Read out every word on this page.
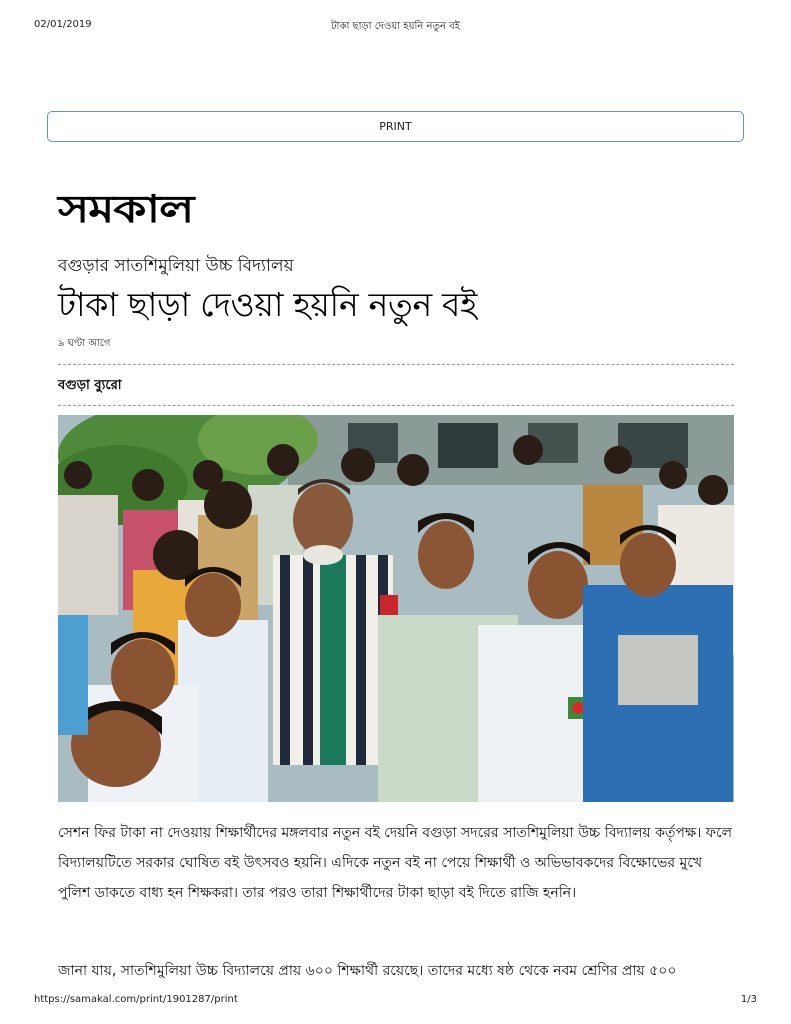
02/01/2019	টাকা ছাড়া দেওয়া হয়নি নতুন বই
PRINT
সমকাল
বগুড়ার সাতশিমুলিয়া উচ্চ বিদ্যালয়
টাকা ছাড়া দেওয়া হয়নি নতুন বই
৯ ঘণ্টা আগে
বগুড়া ব্যুরো

সেশন ফির টাকা না দেওয়ায় শিক্ষার্থীদের মঙ্গলবার নতুন বই দেয়নি বগুড়া সদরের সাতশিমুলিয়া উচ্চ বিদ্যালয় কর্তৃপক্ষ। ফলে বিদ্যালয়টিতে সরকার ঘোষিত বই উৎসবও হয়নি। এদিকে নতুন বই না পেয়ে শিক্ষার্থী ও অভিভাবকদের বিক্ষোভের মুখে পুলিশ ডাকতে বাধ্য হন শিক্ষকরা। তার পরও তারা শিক্ষার্থীদের টাকা ছাড়া বই দিতে রাজি হননি।

জানা যায়, সাতশিমুলিয়া উচ্চ বিদ্যালয়ে প্রায় ৬০০ শিক্ষার্থী রয়েছে। তাদের মধ্যে ষষ্ঠ থেকে নবম শ্রেণির প্রায় ৫০০

https://samakal.com/print/1901287/print	1/3
